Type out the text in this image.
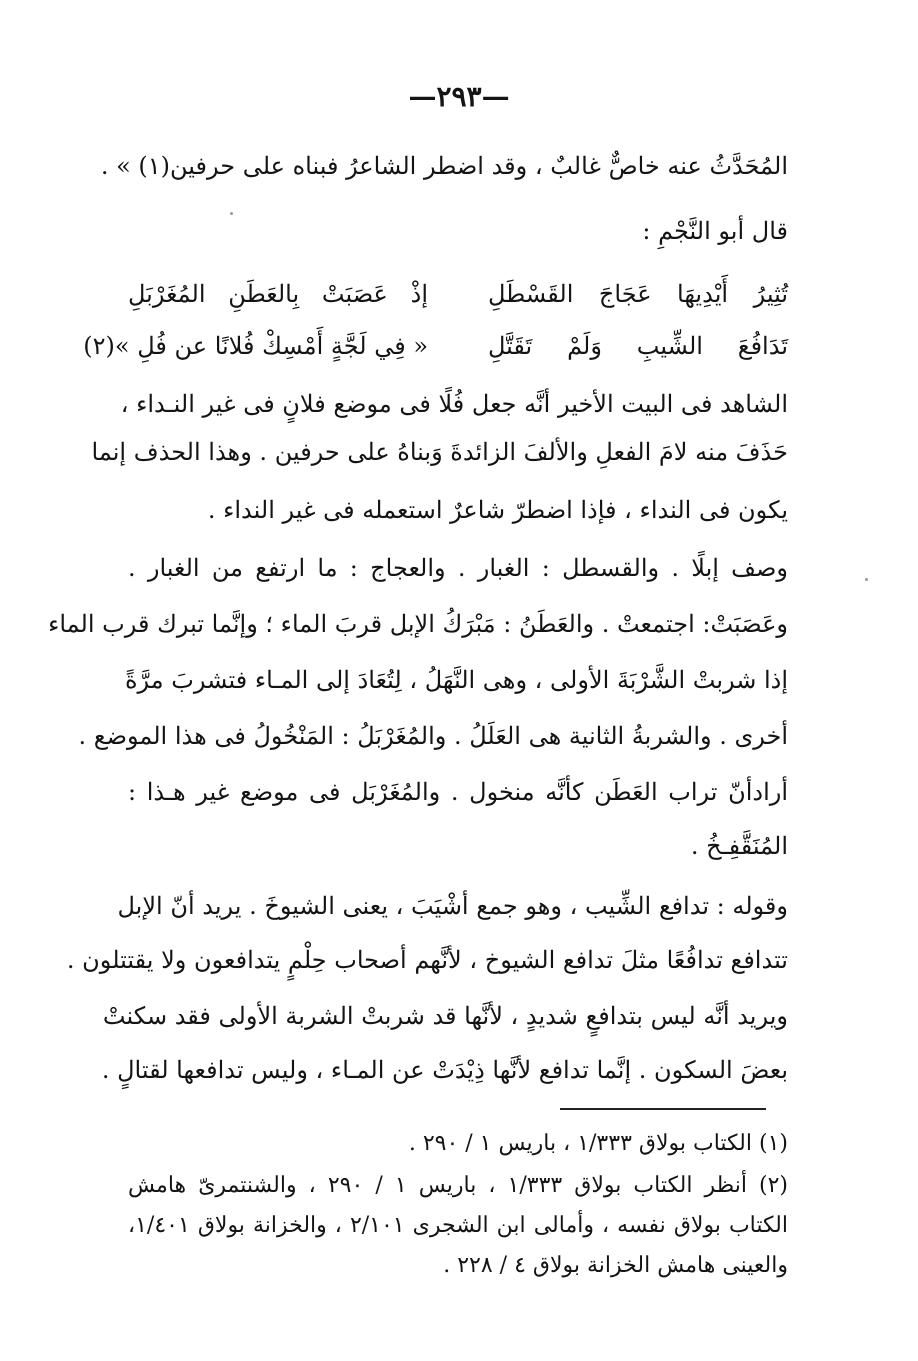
—٢٩٣—
المُحَدَّثُ عنه خاصٌّ غالبٌ ، وقد اضطر الشاعرُ فبناه على حرفين(١) » .
قال أبو النَّجْمِ :
تُثِيرُ أَيْدِيهَا عَجَاجَ القَسْطَلِ
إذْ عَصَبَتْ بِالعَطَنِ المُغَرْبَلِ
تَدَافُعَ الشِّيبِ وَلَمْ تَقَتَّلِ
« فِي لَجَّةٍ أَمْسِكْ فُلانًا عن فُلِ »(٢)
الشاهد فى البيت الأخير أنَّه جعل فُلًا فى موضع فلانٍ فى غير النـداء ،
حَذَفَ منه لامَ الفعلِ والألفَ الزائدةَ وَبناهُ على حرفين . وهذا الحذف إنما
يكون فى النداء ، فإذا اضطرّ شاعرٌ استعمله فى غير النداء .
وصف إبلًا . والقسطل : الغبار . والعجاج : ما ارتفع من الغبار .
وعَصَبَتْ: اجتمعتْ . والعَطَنُ : مَبْرَكُ الإبل قربَ الماء ؛ وإنَّما تبرك قرب الماء
إذا شربتْ الشَّرْبَةَ الأولى ، وهى النَّهَلُ ، لِتُعَادَ إلى المـاء فتشربَ مرَّةً
أخرى . والشربةُ الثانية هى العَلَلُ . والمُغَرْبَلُ : المَنْخُولُ فى هذا الموضع .
أرادأنّ تراب العَطَن كأنَّه منخول . والمُغَرْبَل فى موضع غير هـذا :
المُنَقَّفِـخُ .
وقوله : تدافع الشِّيب ، وهو جمع أشْيَبَ ، يعنى الشيوخَ . يريد أنّ الإبل
تتدافع تدافُعًا مثلَ تدافع الشيوخ ، لأنَّهم أصحاب حِلْمٍ يتدافعون ولا يقتتلون .
ويريد أنَّه ليس بتدافعٍ شديدٍ ، لأنَّها قد شربتْ الشربة الأولى فقد سكنتْ
بعضَ السكون . إنَّما تدافع لأنَّها ذِيْدَتْ عن المـاء ، وليس تدافعها لقتالٍ .
(١) الكتاب بولاق ١/٣٣٣ ، باريس ١ / ٢٩٠ .
(٢) أنظر الكتاب بولاق ١/٣٣٣ ، باريس ١ / ٢٩٠ ، والشنتمرىّ هامش
الكتاب بولاق نفسه ، وأمالى ابن الشجرى ٢/١٠١ ، والخزانة بولاق ١/٤٠١،
والعينى هامش الخزانة بولاق ٤ / ٢٢٨ .
